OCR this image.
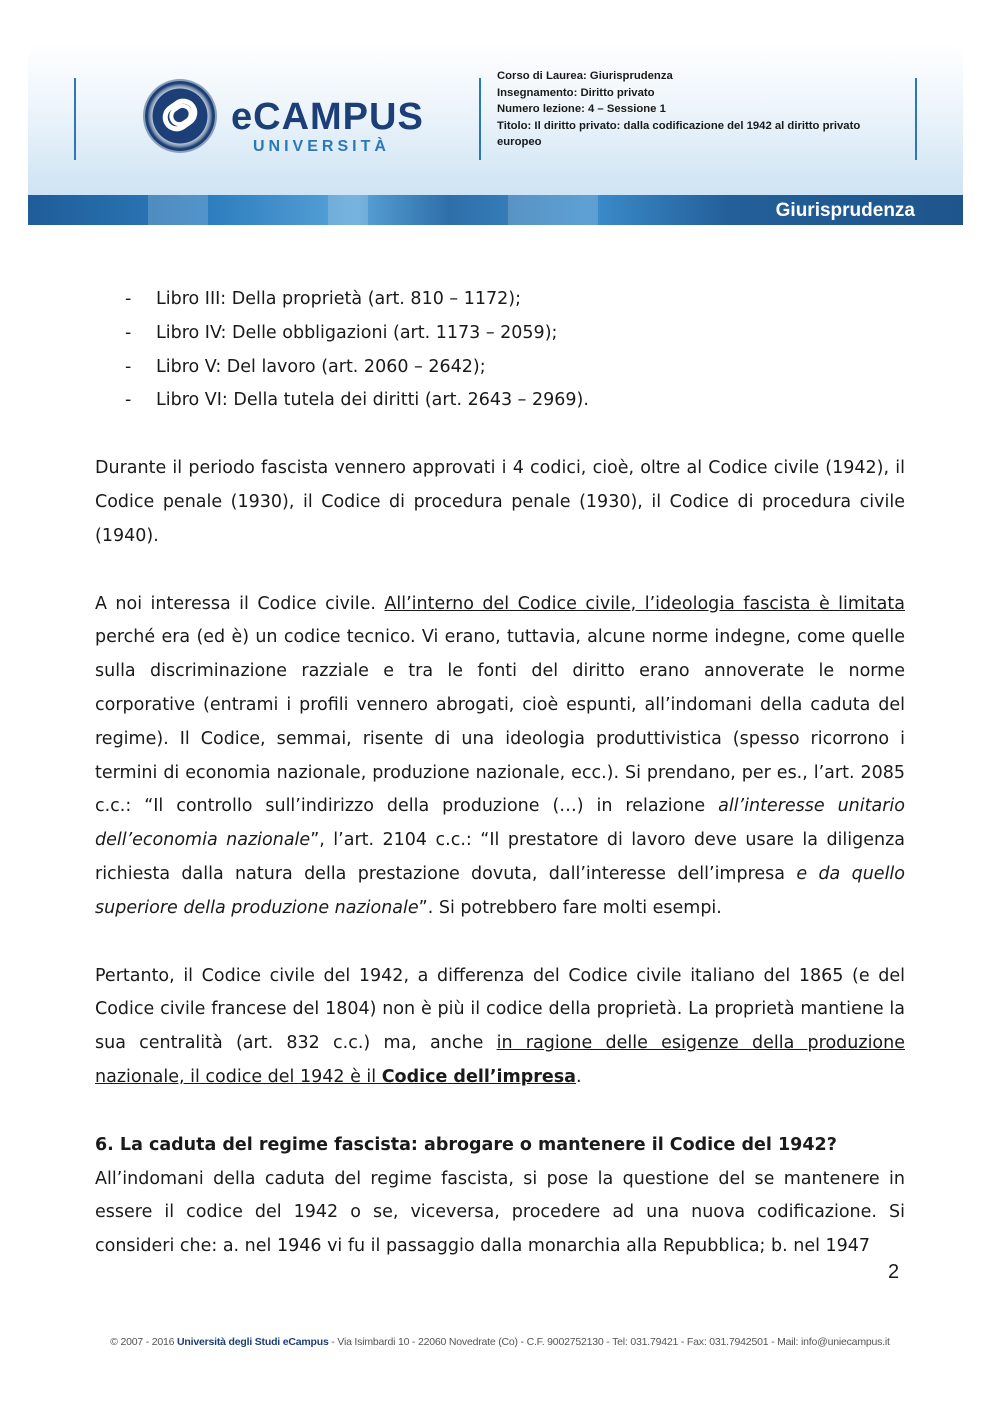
eCAMPUS
UNIVERSITÀ
Corso di Laurea: Giurisprudenza
Insegnamento: Diritto privato
Numero lezione: 4 – Sessione 1
Titolo: Il diritto privato: dalla codificazione del 1942 al diritto privato europeo
Giurisprudenza
- Libro III: Della proprietà (art. 810 – 1172);
- Libro IV: Delle obbligazioni (art. 1173 – 2059);
- Libro V: Del lavoro (art. 2060 – 2642);
- Libro VI: Della tutela dei diritti (art. 2643 – 2969).

Durante il periodo fascista vennero approvati i 4 codici, cioè, oltre al Codice civile (1942), il Codice penale (1930), il Codice di procedura penale (1930), il Codice di procedura civile (1940).

A noi interessa il Codice civile. All’interno del Codice civile, l’ideologia fascista è limitata perché era (ed è) un codice tecnico. Vi erano, tuttavia, alcune norme indegne, come quelle sulla discriminazione razziale e tra le fonti del diritto erano annoverate le norme corporative (entrami i profili vennero abrogati, cioè espunti, all’indomani della caduta del regime). Il Codice, semmai, risente di una ideologia produttivistica (spesso ricorrono i termini di economia nazionale, produzione nazionale, ecc.). Si prendano, per es., l’art. 2085 c.c.: “Il controllo sull’indirizzo della produzione (…) in relazione all’interesse unitario dell’economia nazionale”, l’art. 2104 c.c.: “Il prestatore di lavoro deve usare la diligenza richiesta dalla natura della prestazione dovuta, dall’interesse dell’impresa e da quello superiore della produzione nazionale”. Si potrebbero fare molti esempi.

Pertanto, il Codice civile del 1942, a differenza del Codice civile italiano del 1865 (e del Codice civile francese del 1804) non è più il codice della proprietà. La proprietà mantiene la sua centralità (art. 832 c.c.) ma, anche in ragione delle esigenze della produzione nazionale, il codice del 1942 è il Codice dell’impresa.

6. La caduta del regime fascista: abrogare o mantenere il Codice del 1942?

All’indomani della caduta del regime fascista, si pose la questione del se mantenere in essere il codice del 1942 o se, viceversa, procedere ad una nuova codificazione. Si consideri che: a. nel 1946 vi fu il passaggio dalla monarchia alla Repubblica; b. nel 1947

2
© 2007 - 2016 Università degli Studi eCampus - Via Isimbardi 10 - 22060 Novedrate (Co) - C.F. 9002752130 - Tel: 031.79421 - Fax: 031.7942501 - Mail: info@uniecampus.it
